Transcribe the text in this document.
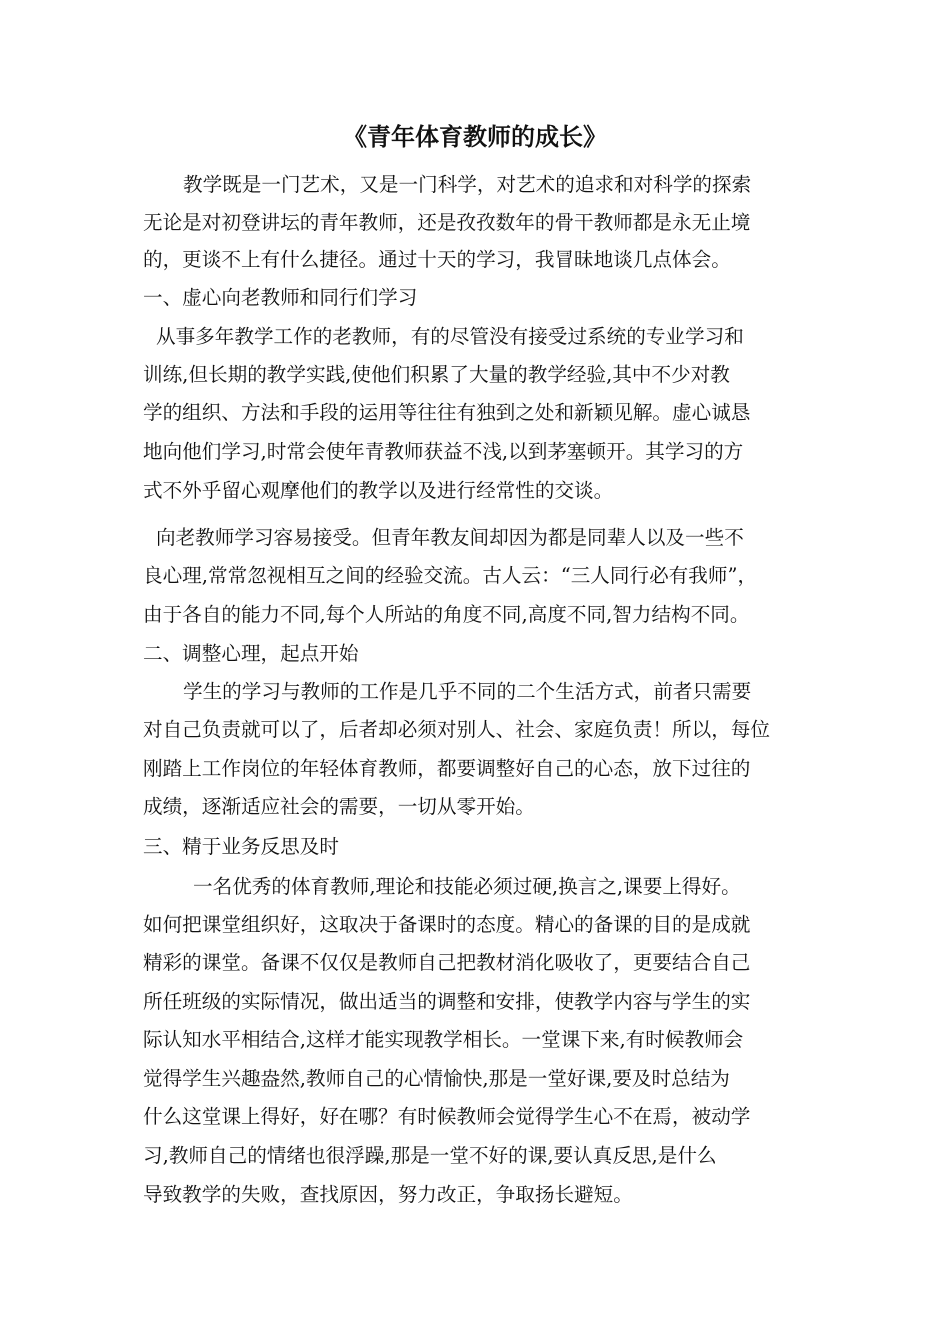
《青年体育教师的成长》
教学既是一门艺术，又是一门科学，对艺术的追求和对科学的探索
无论是对初登讲坛的青年教师，还是孜孜数年的骨干教师都是永无止境
的，更谈不上有什么捷径。通过十天的学习，我冒昧地谈几点体会。
一、虚心向老教师和同行们学习
从事多年教学工作的老教师，有的尽管没有接受过系统的专业学习和
训练,但长期的教学实践,使他们积累了大量的教学经验,其中不少对教
学的组织、方法和手段的运用等往往有独到之处和新颖见解。虚心诚恳
地向他们学习,时常会使年青教师获益不浅,以到茅塞顿开。其学习的方
式不外乎留心观摩他们的教学以及进行经常性的交谈。
向老教师学习容易接受。但青年教友间却因为都是同辈人以及一些不
良心理,常常忽视相互之间的经验交流。古人云：“三人同行必有我师”，
由于各自的能力不同,每个人所站的角度不同,高度不同,智力结构不同。
二、调整心理，起点开始
学生的学习与教师的工作是几乎不同的二个生活方式，前者只需要
对自己负责就可以了，后者却必须对别人、社会、家庭负责！所以，每位
刚踏上工作岗位的年轻体育教师，都要调整好自己的心态，放下过往的
成绩，逐渐适应社会的需要，一切从零开始。
三、精于业务反思及时
一名优秀的体育教师,理论和技能必须过硬,换言之,课要上得好。
如何把课堂组织好，这取决于备课时的态度。精心的备课的目的是成就
精彩的课堂。备课不仅仅是教师自己把教材消化吸收了，更要结合自己
所任班级的实际情况，做出适当的调整和安排，使教学内容与学生的实
际认知水平相结合,这样才能实现教学相长。一堂课下来,有时候教师会
觉得学生兴趣盎然,教师自己的心情愉快,那是一堂好课,要及时总结为
什么这堂课上得好，好在哪？有时候教师会觉得学生心不在焉，被动学
习,教师自己的情绪也很浮躁,那是一堂不好的课,要认真反思,是什么
导致教学的失败，查找原因，努力改正，争取扬长避短。
